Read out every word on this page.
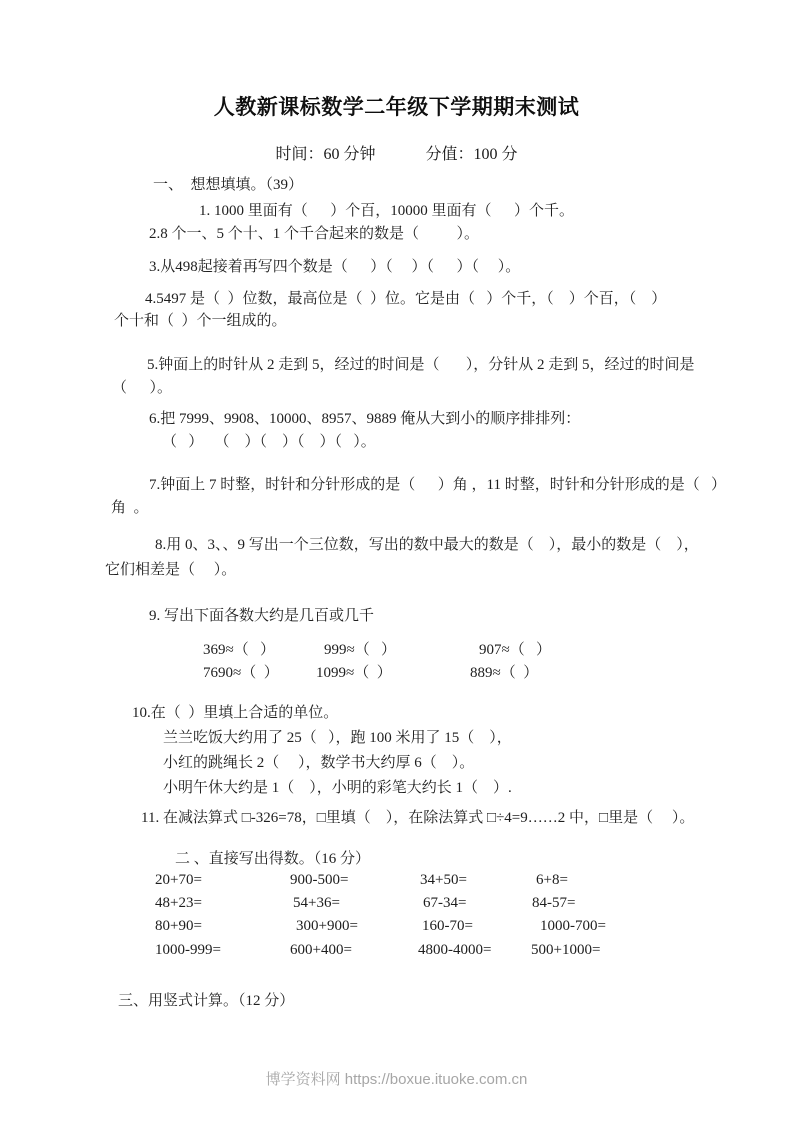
人教新课标数学二年级下学期期末测试
时间：60 分钟	分值：100 分
一、  想想填填。（39）
1. 1000 里面有（      ）个百，10000 里面有（      ）个千。
2.8 个一、5 个十、1 个千合起来的数是（          ）。
3.从498起接着再写四个数是（      ）（     ）（      ）（     ）。
4.5497 是（  ）位数，最高位是（  ）位。它是由（   ）个千，（    ）个百，（    ）
个十和（  ）个一组成的。
5.钟面上的时针从 2 走到 5，经过的时间是（       ），分针从 2 走到 5，经过的时间是
（      ）。
6.把 7999、9908、10000、8957、9889 俺从大到小的顺序排排列：
（   ）   （    ）（    ）（    ）（   ）。
7.钟面上 7 时整，时针和分针形成的是（      ）角 ，11 时整，时针和分针形成的是（   ）
角  。
8.用 0、3、、9 写出一个三位数，写出的数中最大的数是（    ），最小的数是（    ），
它们相差是（     ）。
9. 写出下面各数大约是几百或几千
369≈（   ）	999≈（   ）	907≈（   ）
7690≈（  ） 1099≈（  ）	889≈（  ）
10.在（  ）里填上合适的单位。
兰兰吃饭大约用了 25（   ），跑 100 米用了 15（    ），
小红的跳绳长 2（     ），数学书大约厚 6（    ）。
小明午休大约是 1（    ），小明的彩笔大约长 1（    ）.
11. 在减法算式 □-326=78，□里填（    ），在除法算式 □÷4=9……2 中，□里是（     ）。
二 、直接写出得数。（16 分）
20+70=	900-500=	34+50=	6+8=
48+23=	54+36=	67-34=	84-57=
80+90=	300+900=	160-70=	1000-700=
1000-999=	600+400=	4800-4000=	500+1000=
三、用竖式计算。（12 分）
博学资料网 https://boxue.ituoke.com.cn
